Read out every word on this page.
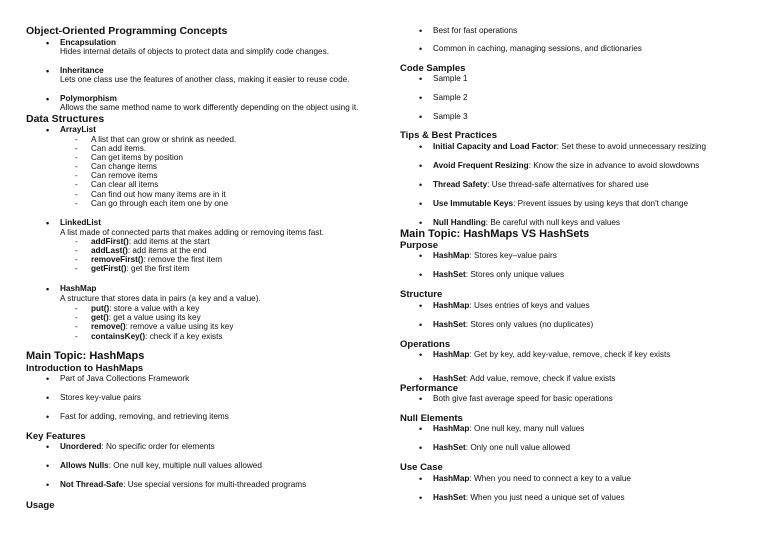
Object-Oriented Programming Concepts
• Encapsulation
Hides internal details of objects to protect data and simplify code changes.
• Inheritance
Lets one class use the features of another class, making it easier to reuse code.
• Polymorphism
Allows the same method name to work differently depending on the object using it.
Data Structures
• ArrayList
- A list that can grow or shrink as needed.
- Can add items.
- Can get items by position
- Can change items
- Can remove items
- Can clear all items
- Can find out how many items are in it
- Can go through each item one by one
• LinkedList
A list made of connected parts that makes adding or removing items fast.
- addFirst(): add items at the start
- addLast(): add items at the end
- removeFirst(): remove the first item
- getFirst(): get the first item
• HashMap
A structure that stores data in pairs (a key and a value).
- put(): store a value with a key
- get(): get a value using its key
- remove(): remove a value using its key
- containsKey(): check if a key exists
Main Topic: HashMaps
Introduction to HashMaps
• Part of Java Collections Framework
• Stores key-value pairs
• Fast for adding, removing, and retrieving items
Key Features
• Unordered: No specific order for elements
• Allows Nulls: One null key, multiple null values allowed
• Not Thread-Safe: Use special versions for multi-threaded programs
Usage
• Best for fast operations
• Common in caching, managing sessions, and dictionaries
Code Samples
• Sample 1
• Sample 2
• Sample 3
Tips & Best Practices
• Initial Capacity and Load Factor: Set these to avoid unnecessary resizing
• Avoid Frequent Resizing: Know the size in advance to avoid slowdowns
• Thread Safety: Use thread-safe alternatives for shared use
• Use Immutable Keys: Prevent issues by using keys that don't change
• Null Handling: Be careful with null keys and values
Main Topic: HashMaps VS HashSets
Purpose
• HashMap: Stores key–value pairs
• HashSet: Stores only unique values
Structure
• HashMap: Uses entries of keys and values
• HashSet: Stores only values (no duplicates)
Operations
• HashMap: Get by key, add key-value, remove, check if key exists
• HashSet: Add value, remove, check if value exists
Performance
• Both give fast average speed for basic operations
Null Elements
• HashMap: One null key, many null values
• HashSet: Only one null value allowed
Use Case
• HashMap: When you need to connect a key to a value
• HashSet: When you just need a unique set of values
